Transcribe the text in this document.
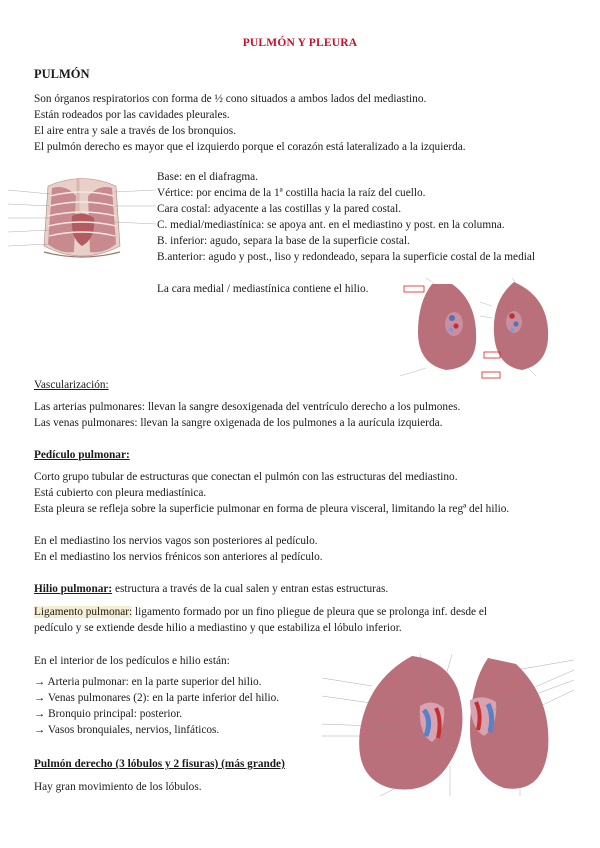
PULMÓN Y PLEURA
PULMÓN
Son órganos respiratorios con forma de ½ cono situados a ambos lados del mediastino.
Están rodeados por las cavidades pleurales.
El aire entra y sale a través de los bronquios.
El pulmón derecho es mayor que el izquierdo porque el corazón está lateralizado a la izquierda.
Base: en el diafragma.
Vértice: por encima de la 1ª costilla hacia la raíz del cuello.
Cara costal: adyacente a las costillas y la pared costal.
C. medial/mediastínica: se apoya ant. en el mediastino y post. en la columna.
B. inferior: agudo, separa la base de la superficie costal.
B.anterior: agudo y post., liso y redondeado, separa la superficie costal de la medial
La cara medial / mediastínica contiene el hilio.
Vascularización:
Las arterias pulmonares: llevan la sangre desoxigenada del ventrículo derecho a los pulmones.
Las venas pulmonares: llevan la sangre oxigenada de los pulmones a la aurícula izquierda.
Pedículo pulmonar:
Corto grupo tubular de estructuras que conectan el pulmón con las estructuras del mediastino.
Está cubierto con pleura mediastínica.
Esta pleura se refleja sobre la superficie pulmonar en forma de pleura visceral, limitando la regª del hilio.
En el mediastino los nervios vagos son posteriores al pedículo.
En el mediastino los nervios frénicos son anteriores al pedículo.
Hilio pulmonar: estructura a través de la cual salen y entran estas estructuras.
Ligamento pulmonar: ligamento formado por un fino pliegue de pleura que se prolonga inf. desde el
pedículo y se extiende desde hilio a mediastino y que estabiliza el lóbulo inferior.
En el interior de los pedículos e hilio están:
→ Arteria pulmonar: en la parte superior del hilio.
→ Venas pulmonares (2): en la parte inferior del hilio.
→ Bronquio principal: posterior.
→ Vasos bronquiales, nervios, linfáticos.
Pulmón derecho (3 lóbulos y 2 fisuras) (más grande)
Hay gran movimiento de los lóbulos.
